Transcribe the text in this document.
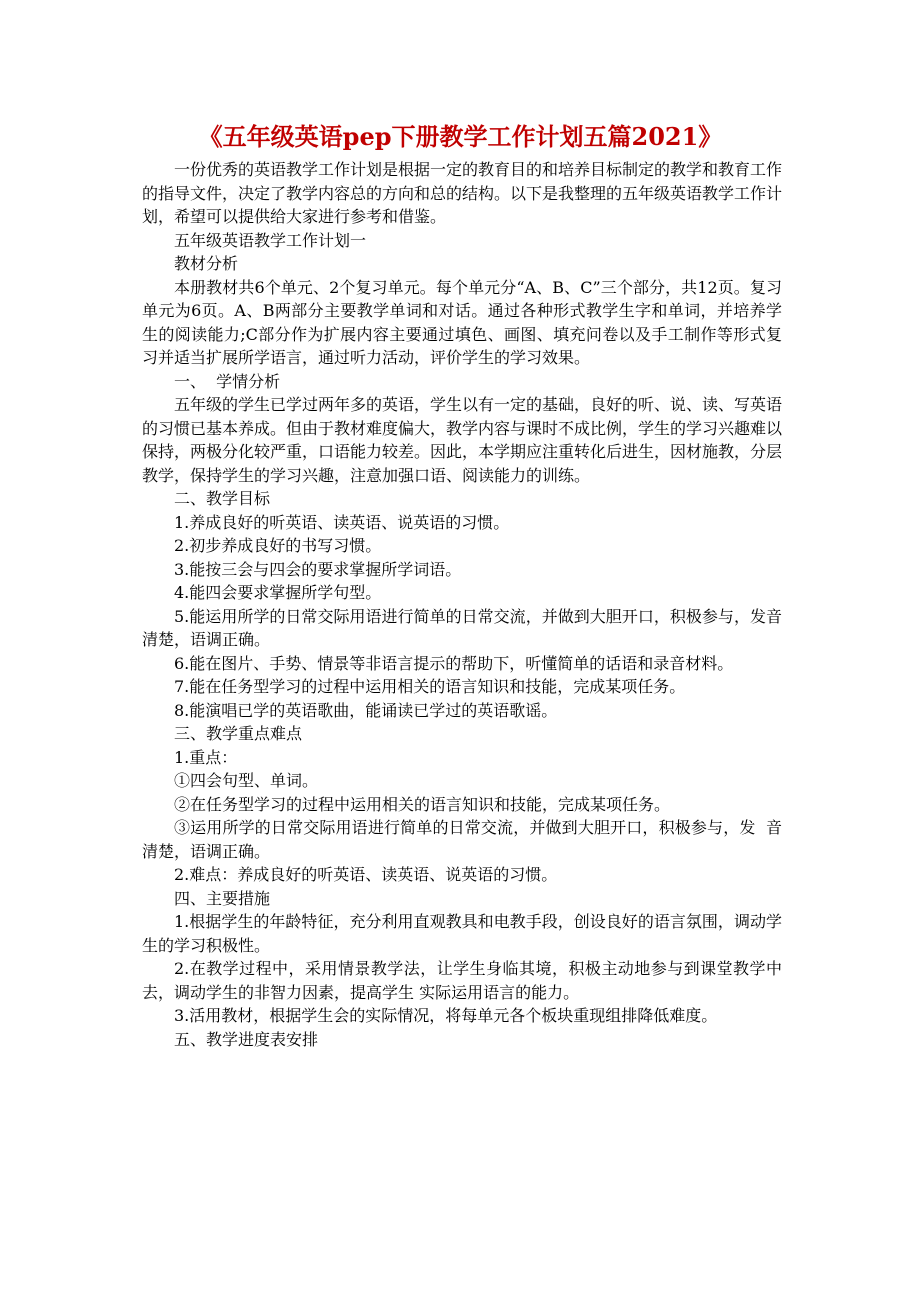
《五年级英语pep下册教学工作计划五篇2021》

一份优秀的英语教学工作计划是根据一定的教育目的和培养目标制定的教学和教育工作的指导文件，决定了教学内容总的方向和总的结构。以下是我整理的五年级英语教学工作计划，希望可以提供给大家进行参考和借鉴。

五年级英语教学工作计划一

教材分析

本册教材共6个单元、2个复习单元。每个单元分“A、B、C”三个部分，共12页。复习单元为6页。A、B两部分主要教学单词和对话。通过各种形式教学生字和单词，并培养学生的阅读能力;C部分作为扩展内容主要通过填色、画图、填充问卷以及手工制作等形式复习并适当扩展所学语言，通过听力活动，评价学生的学习效果。

一、  学情分析

五年级的学生已学过两年多的英语，学生以有一定的基础，良好的听、说、读、写英语的习惯已基本养成。但由于教材难度偏大，教学内容与课时不成比例，学生的学习兴趣难以保持，两极分化较严重，口语能力较差。因此，本学期应注重转化后进生，因材施教，分层教学，保持学生的学习兴趣，注意加强口语、阅读能力的训练。

二、教学目标

1.养成良好的听英语、读英语、说英语的习惯。

2.初步养成良好的书写习惯。

3.能按三会与四会的要求掌握所学词语。

4.能四会要求掌握所学句型。

5.能运用所学的日常交际用语进行简单的日常交流，并做到大胆开口，积极参与，发音清楚，语调正确。

6.能在图片、手势、情景等非语言提示的帮助下，听懂简单的话语和录音材料。

7.能在任务型学习的过程中运用相关的语言知识和技能，完成某项任务。

8.能演唱已学的英语歌曲，能诵读已学过的英语歌谣。

三、教学重点难点

1.重点：

①四会句型、单词。

②在任务型学习的过程中运用相关的语言知识和技能，完成某项任务。

③运用所学的日常交际用语进行简单的日常交流，并做到大胆开口，积极参与，发  音清楚，语调正确。

2.难点：养成良好的听英语、读英语、说英语的习惯。

四、主要措施

1.根据学生的年龄特征，充分利用直观教具和电教手段，创设良好的语言氛围，调动学生的学习积极性。

2.在教学过程中，采用情景教学法，让学生身临其境，积极主动地参与到课堂教学中去，调动学生的非智力因素，提高学生 实际运用语言的能力。

3.活用教材，根据学生会的实际情况，将每单元各个板块重现组排降低难度。

五、教学进度表安排
